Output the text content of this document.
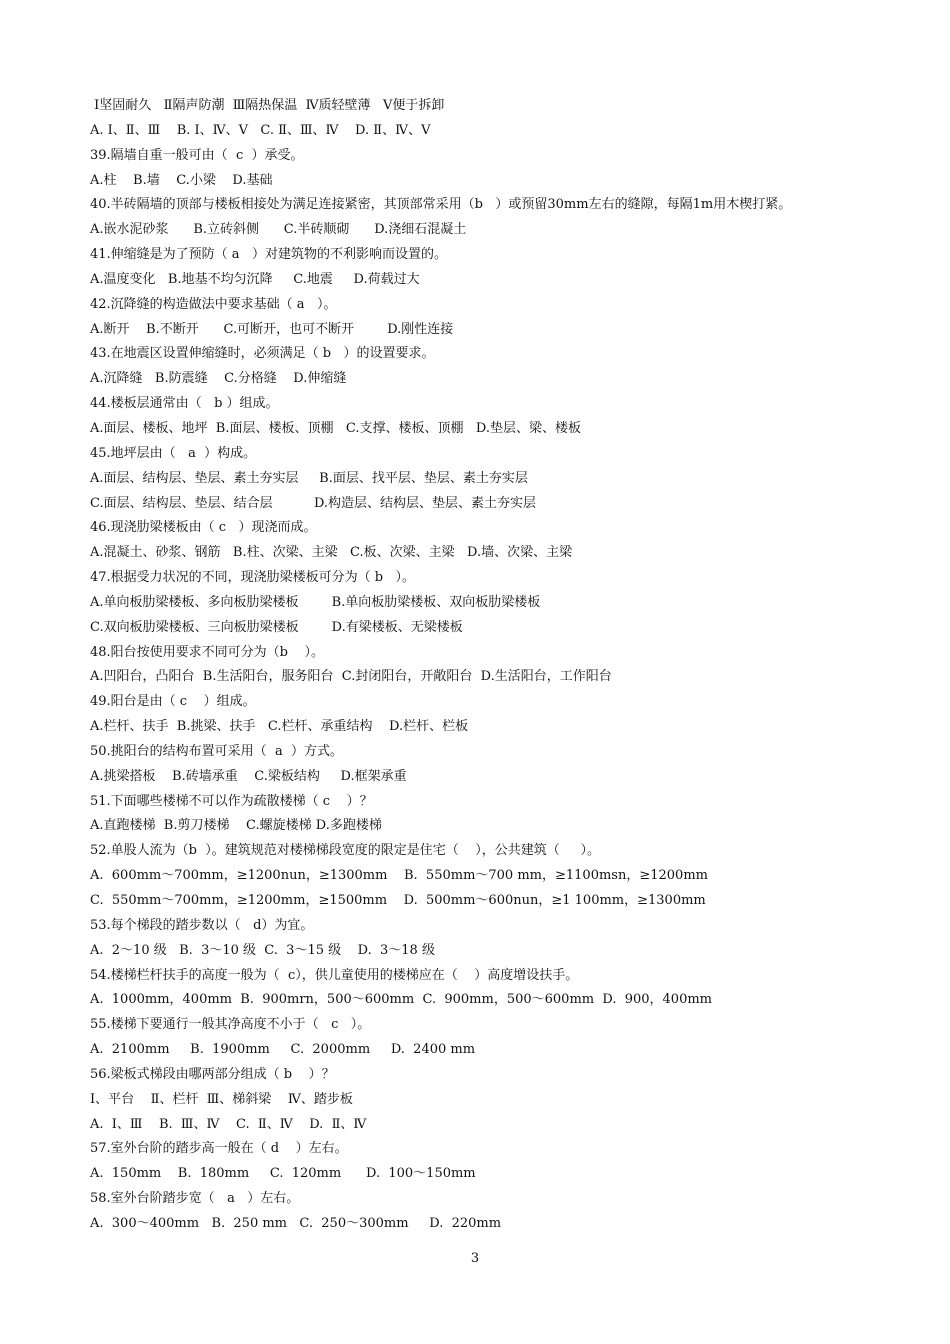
Ⅰ坚固耐久   Ⅱ隔声防潮  Ⅲ隔热保温  Ⅳ质轻壁薄   Ⅴ便于拆卸
A. Ⅰ、Ⅱ、Ⅲ    B. Ⅰ、Ⅳ、Ⅴ   C. Ⅱ、Ⅲ、Ⅳ    D. Ⅱ、Ⅳ、Ⅴ
39.隔墙自重一般可由（  c  ）承受。
A.柱    B.墙    C.小梁    D.基础
40.半砖隔墙的顶部与楼板相接处为满足连接紧密，其顶部常采用（b   ）或预留30mm左右的缝隙，每隔1m用木楔打紧。
A.嵌水泥砂浆      B.立砖斜侧      C.半砖顺砌      D.浇细石混凝土
41.伸缩缝是为了预防（ a   ）对建筑物的不利影响而设置的。
A.温度变化   B.地基不均匀沉降     C.地震     D.荷载过大
42.沉降缝的构造做法中要求基础（ a   ）。
A.断开    B.不断开      C.可断开，也可不断开        D.刚性连接
43.在地震区设置伸缩缝时，必须满足（ b   ）的设置要求。
A.沉降缝   B.防震缝    C.分格缝    D.伸缩缝
44.楼板层通常由（   b ）组成。
A.面层、楼板、地坪  B.面层、楼板、顶棚   C.支撑、楼板、顶棚   D.垫层、梁、楼板
45.地坪层由（   a  ）构成。
A.面层、结构层、垫层、素土夯实层     B.面层、找平层、垫层、素土夯实层
C.面层、结构层、垫层、结合层          D.构造层、结构层、垫层、素土夯实层
46.现浇肋梁楼板由（ c   ）现浇而成。
A.混凝土、砂浆、钢筋   B.柱、次梁、主梁   C.板、次梁、主梁   D.墙、次梁、主梁
47.根据受力状况的不同，现浇肋梁楼板可分为（ b   ）。
A.单向板肋梁楼板、多向板肋梁楼板        B.单向板肋梁楼板、双向板肋梁楼板
C.双向板肋梁楼板、三向板肋梁楼板        D.有梁楼板、无梁楼板
48.阳台按使用要求不同可分为（b    ）。
A.凹阳台，凸阳台  B.生活阳台，服务阳台  C.封闭阳台，开敞阳台  D.生活阳台，工作阳台
49.阳台是由（ c    ）组成。
A.栏杆、扶手  B.挑梁、扶手   C.栏杆、承重结构    D.栏杆、栏板
50.挑阳台的结构布置可采用（  a  ）方式。
A.挑梁搭板    B.砖墙承重    C.梁板结构     D.框架承重
51.下面哪些楼梯不可以作为疏散楼梯（ c    ）？
A.直跑楼梯  B.剪刀楼梯    C.螺旋楼梯 D.多跑楼梯
52.单股人流为（b  ）。建筑规范对楼梯梯段宽度的限定是住宅（    ），公共建筑（     ）。
A.  600mm～700mm，≥1200nun，≥1300mm    B.  550mm～700 mm，≥1100msn，≥1200mm
C.  550mm～700mm，≥1200mm，≥1500mm    D.  500mm～600nun，≥1 100mm，≥1300mm
53.每个梯段的踏步数以（   d）为宜。
A.  2～10 级   B.  3～10 级  C.  3～15 级    D.  3～18 级
54.楼梯栏杆扶手的高度一般为（  c），供儿童使用的楼梯应在（    ）高度增设扶手。
A.  1000mm，400mm  B.  900mrn，500～600mm  C.  900mm，500～600mm  D.  900，400mm
55.楼梯下要通行一般其净高度不小于（   c   ）。
A.  2100mm     B.  1900mm     C.  2000mm     D.  2400 mm
56.梁板式梯段由哪两部分组成（ b    ）？
Ⅰ、平台    Ⅱ、栏杆  Ⅲ、梯斜梁    Ⅳ、踏步板
A.  Ⅰ、Ⅲ    B.  Ⅲ、Ⅳ    C.  Ⅱ、Ⅳ    D.  Ⅱ、Ⅳ
57.室外台阶的踏步高一般在（ d    ）左右。
A.  150mm    B.  180mm     C.  120mm      D.  100～150mm
58.室外台阶踏步宽（   a   ）左右。
A.  300～400mm   B.  250 mm   C.  250～300mm     D.  220mm
3
